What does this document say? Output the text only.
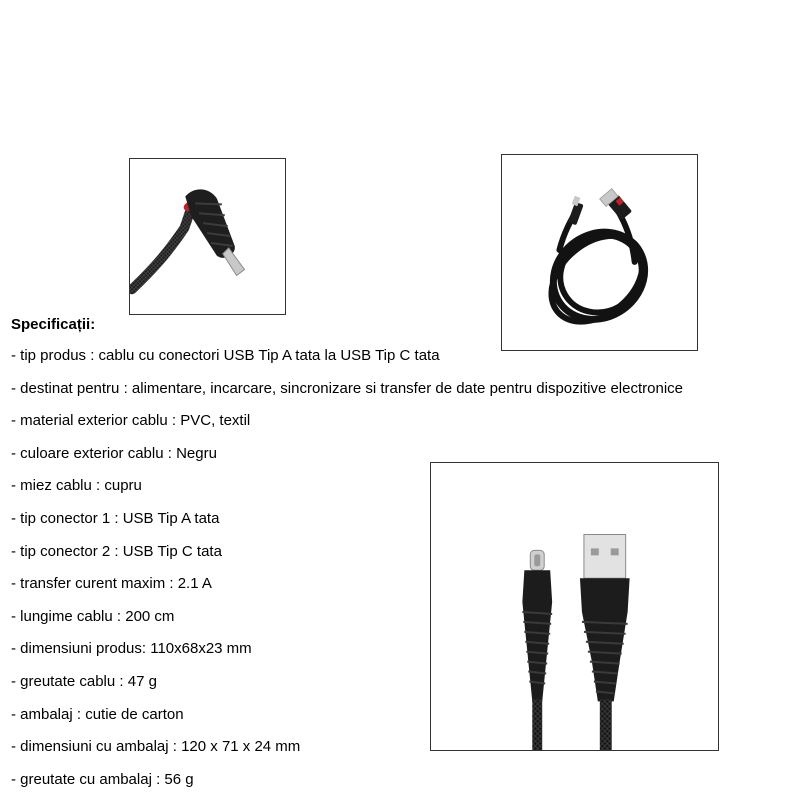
Specificații:

- tip produs : cablu cu conectori USB Tip A tata la USB Tip C tata
- destinat pentru : alimentare, incarcare, sincronizare si transfer de date pentru dispozitive electronice
- material exterior cablu : PVC, textil
- culoare exterior cablu : Negru
- miez cablu : cupru
- tip conector 1 : USB Tip A tata
- tip conector 2 : USB Tip C tata
- transfer curent maxim : 2.1 A
- lungime cablu : 200 cm
- dimensiuni produs: 110x68x23 mm
- greutate cablu : 47 g
- ambalaj : cutie de carton
- dimensiuni cu ambalaj : 120 x 71 x 24 mm
- greutate cu ambalaj : 56 g
